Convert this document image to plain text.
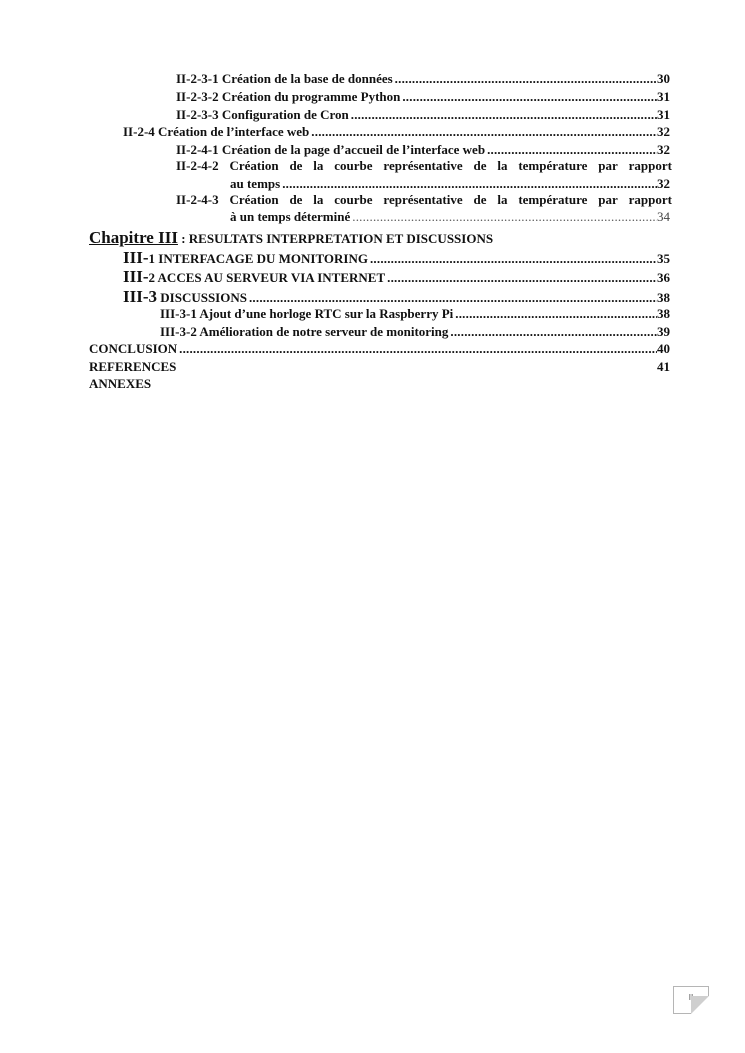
II-2-3-1 Création de la base de données .....	30
II-2-3-2 Création du programme Python .....	31
II-2-3-3 Configuration de Cron .....	31
II-2-4 Création de l’interface web .....	32
II-2-4-1 Création de la page d’accueil de l’interface web .....	32
II-2-4-2 Création de la courbe représentative de la température par rapport
au temps .....	32
II-2-4-3 Création de la courbe représentative de la température par rapport
à un temps déterminé .....	34
Chapitre III : RESULTATS INTERPRETATION ET DISCUSSIONS
III-1 INTERFACAGE DU MONITORING .....	35
III-2 ACCES AU SERVEUR VIA INTERNET .....	36
III-3 DISCUSSIONS .....	38
III-3-1 Ajout d’une horloge RTC sur la Raspberry Pi .....	38
III-3-2 Amélioration de notre serveur de monitoring .....	39
CONCLUSION .....	40
REFERENCES	41
ANNEXES
II
